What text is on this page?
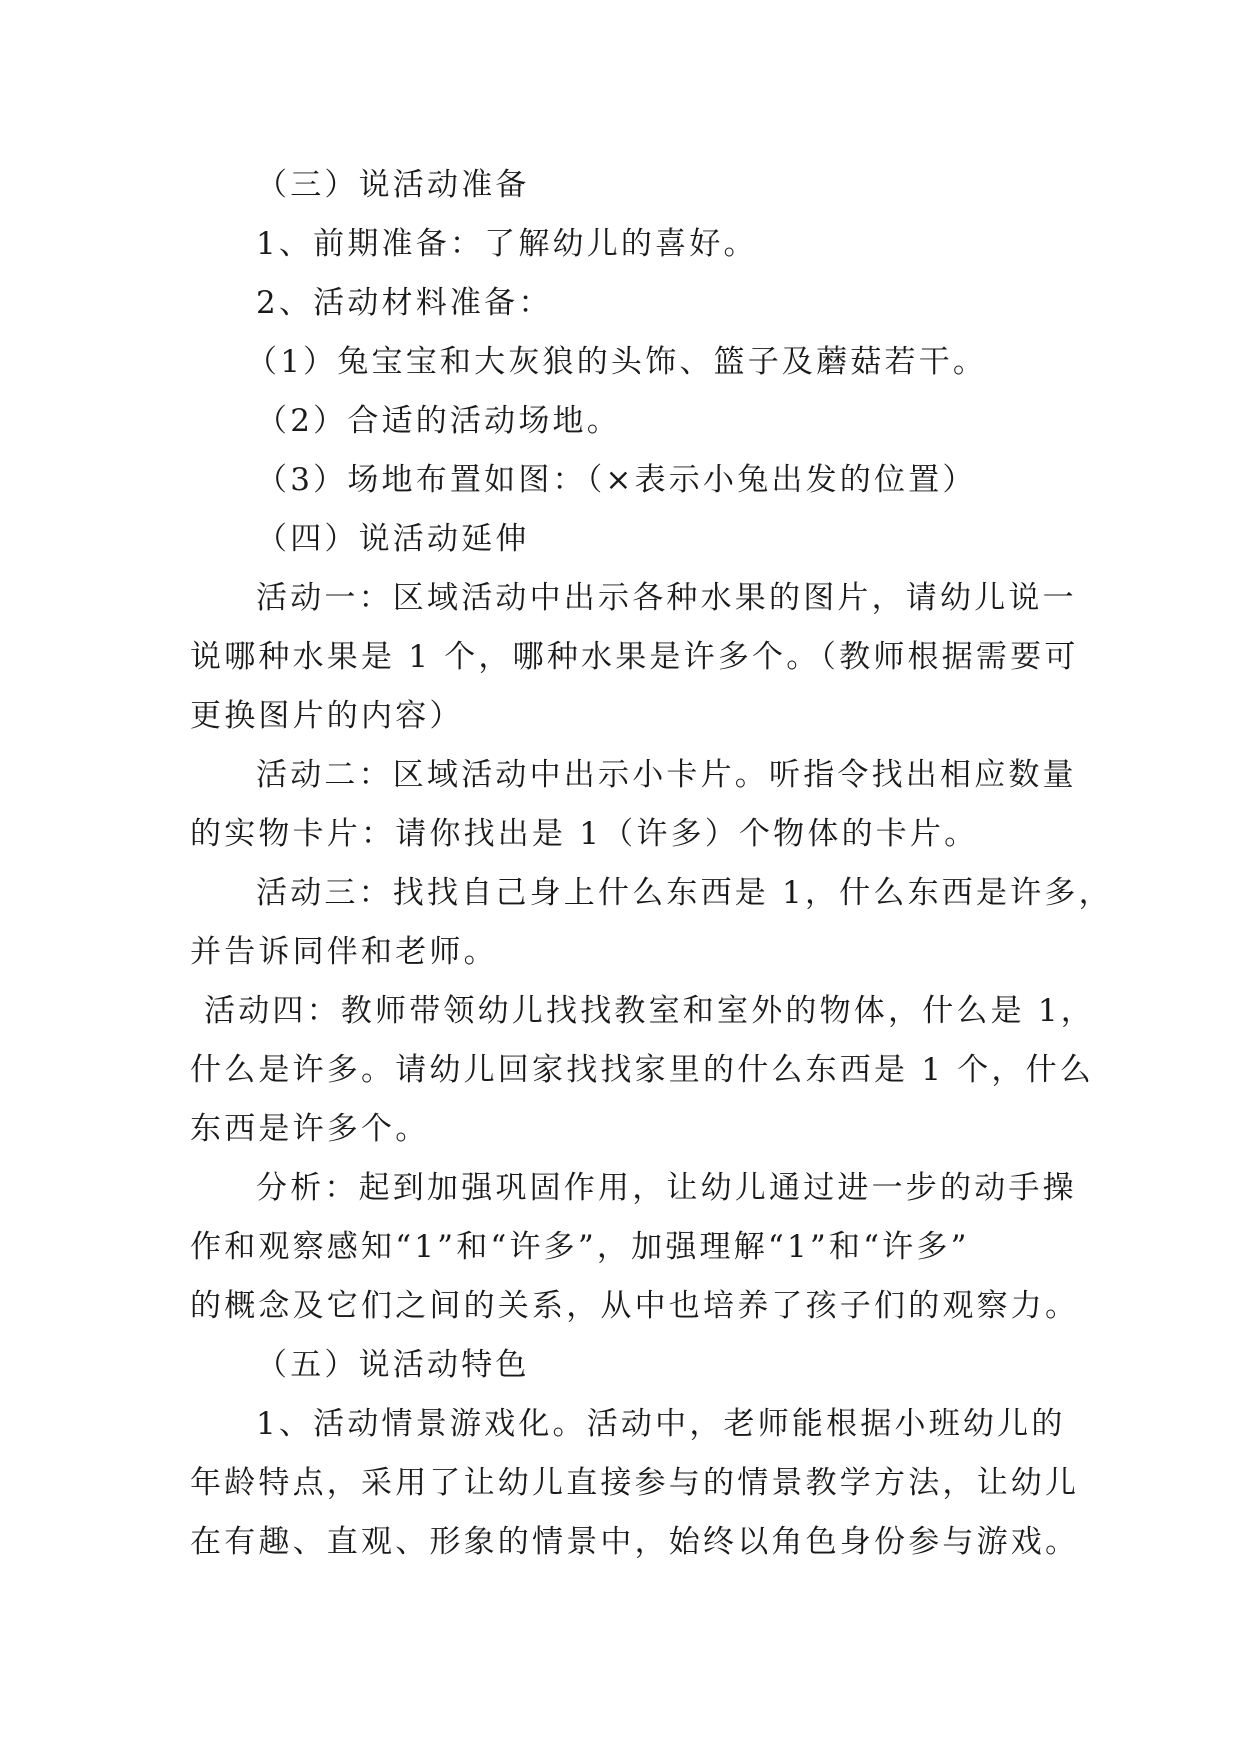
（三）说活动准备
1、前期准备：了解幼儿的喜好。
2、活动材料准备：
（1）兔宝宝和大灰狼的头饰、篮子及蘑菇若干。
（2）合适的活动场地。
（3）场地布置如图：（×表示小兔出发的位置）
（四）说活动延伸
活动一：区域活动中出示各种水果的图片，请幼儿说一
说哪种水果是 1 个，哪种水果是许多个。（教师根据需要可
更换图片的内容）
活动二：区域活动中出示小卡片。听指令找出相应数量
的实物卡片：请你找出是 1（许多）个物体的卡片。
活动三：找找自己身上什么东西是 1，什么东西是许多，
并告诉同伴和老师。
活动四：教师带领幼儿找找教室和室外的物体，什么是 1，
什么是许多。请幼儿回家找找家里的什么东西是 1 个，什么
东西是许多个。
分析：起到加强巩固作用，让幼儿通过进一步的动手操
作和观察感知“1”和“许多”，加强理解“1”和“许多”
的概念及它们之间的关系，从中也培养了孩子们的观察力。
（五）说活动特色
1、活动情景游戏化。活动中，老师能根据小班幼儿的
年龄特点，采用了让幼儿直接参与的情景教学方法，让幼儿
在有趣、直观、形象的情景中，始终以角色身份参与游戏。
